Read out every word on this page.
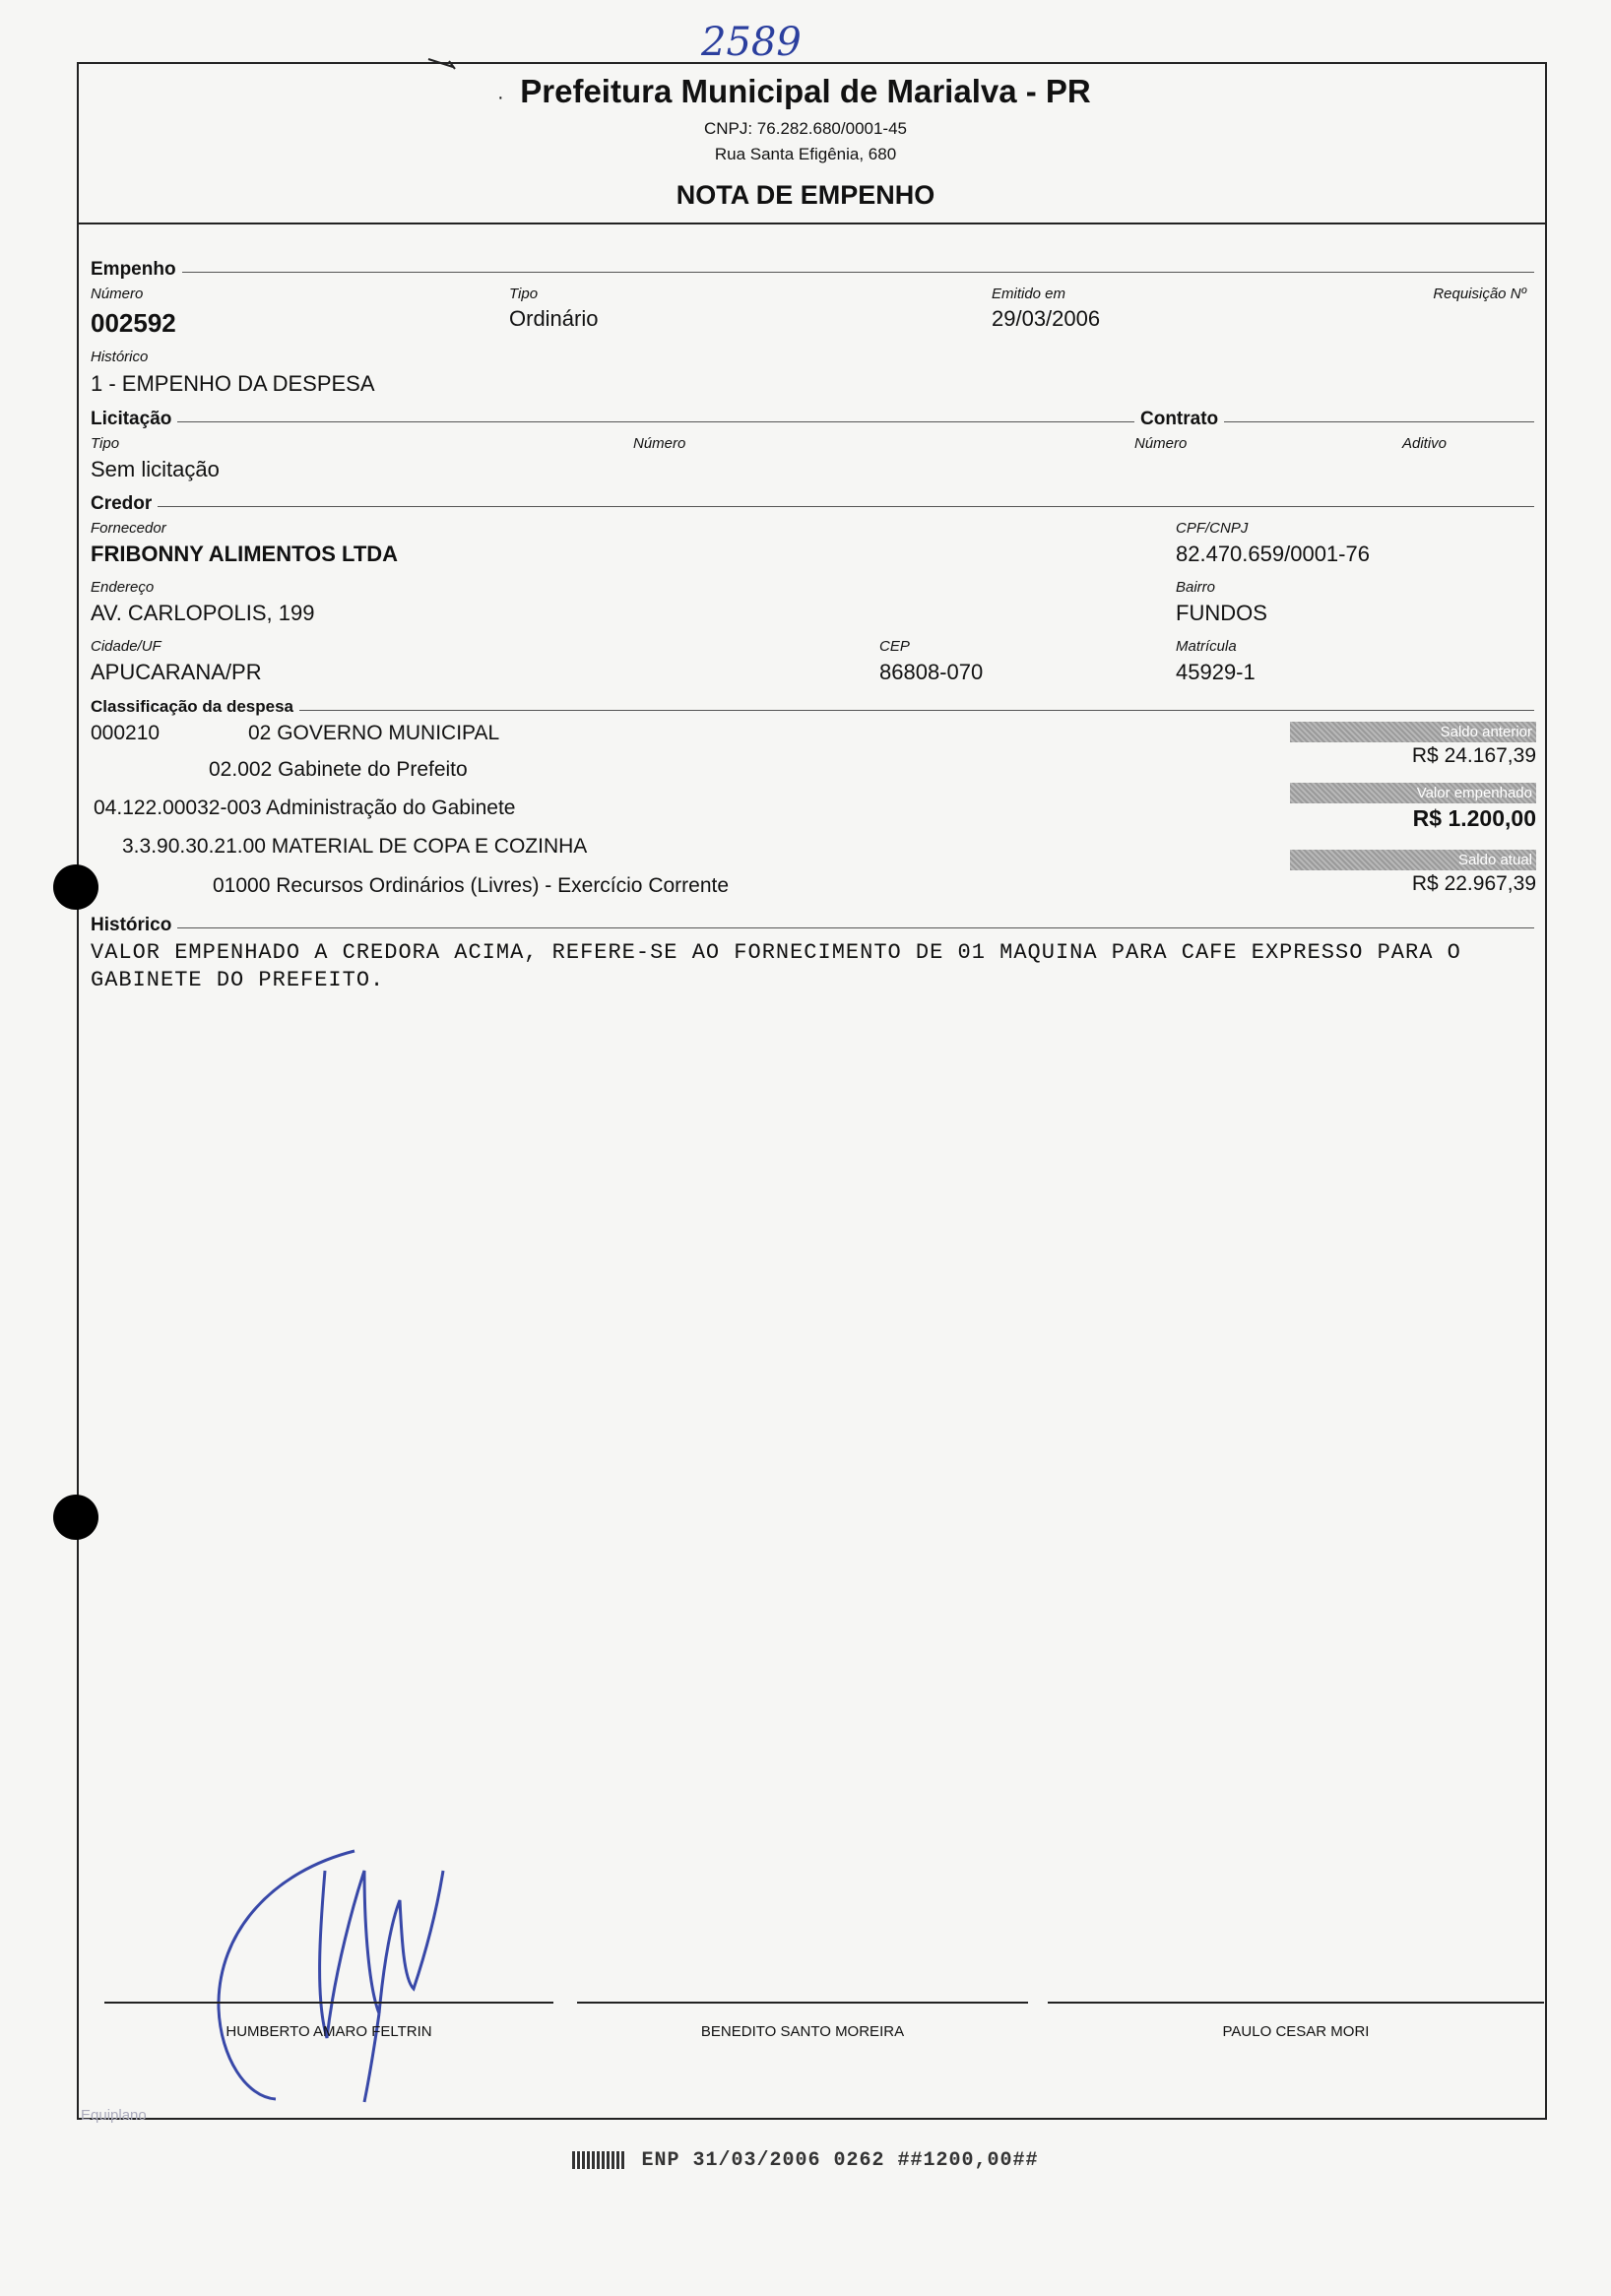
2589
Prefeitura Municipal de Marialva - PR
·
CNPJ: 76.282.680/0001-45
Rua Santa Efigênia, 680
NOTA DE EMPENHO
Empenho
Número
002592
Tipo
Ordinário
Emitido em
29/03/2006
Requisição Nº
Histórico
1 - EMPENHO DA DESPESA
Licitação	Contrato
Tipo
Sem licitação
Número	Número	Aditivo
Credor
Fornecedor
FRIBONNY ALIMENTOS LTDA
CPF/CNPJ
82.470.659/0001-76
Endereço
AV. CARLOPOLIS, 199
Bairro
FUNDOS
Cidade/UF
APUCARANA/PR
CEP
86808-070
Matrícula
45929-1
Classificação da despesa
000210	02 GOVERNO MUNICIPAL
02.002 Gabinete do Prefeito
04.122.00032-003 Administração do Gabinete
3.3.90.30.21.00 MATERIAL DE COPA E COZINHA
01000 Recursos Ordinários (Livres) - Exercício Corrente
Saldo anterior
R$ 24.167,39
Valor empenhado
R$ 1.200,00
Saldo atual
R$ 22.967,39
Histórico
VALOR EMPENHADO A CREDORA ACIMA, REFERE-SE AO FORNECIMENTO DE 01 MAQUINA PARA CAFE EXPRESSO PARA O
GABINETE DO PREFEITO.
HUMBERTO AMARO FELTRIN	BENEDITO SANTO MOREIRA	PAULO CESAR MORI
Equiplano
ENP 31/03/2006 0262 ##1200,00##
